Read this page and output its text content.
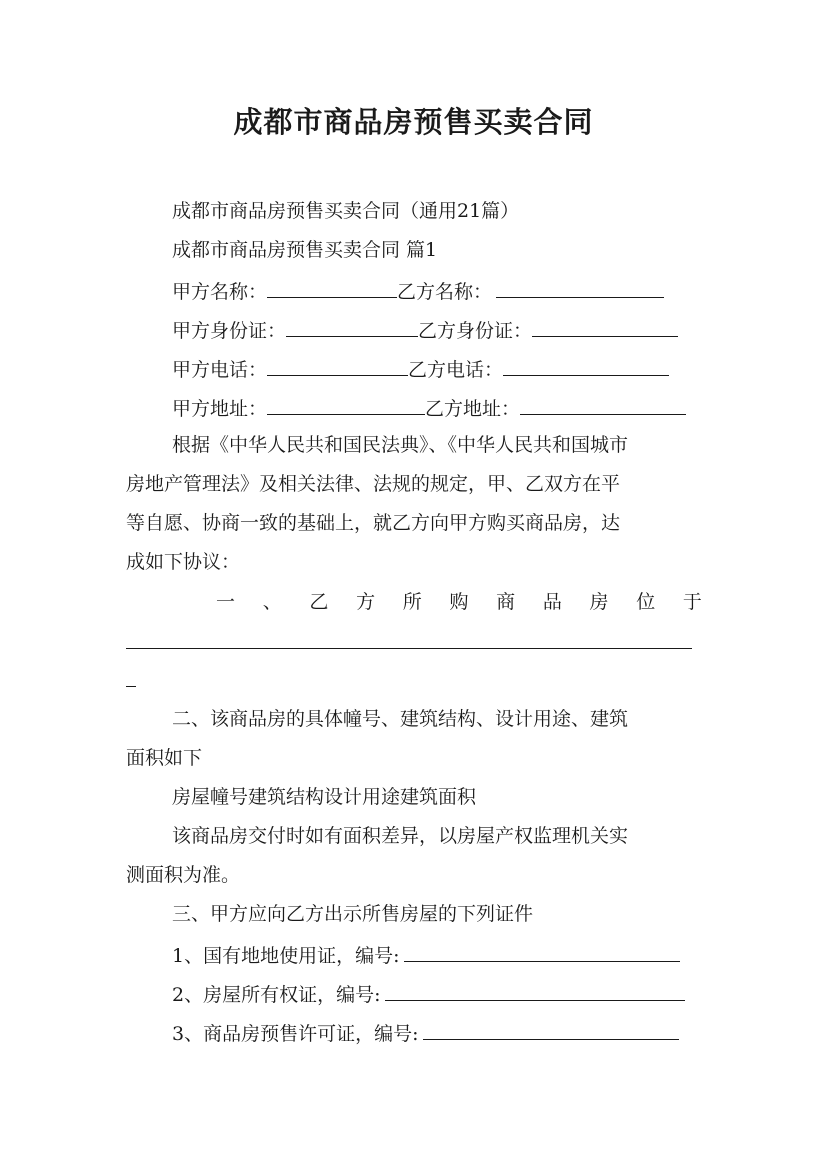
成都市商品房预售买卖合同
成都市商品房预售买卖合同（通用21篇）
成都市商品房预售买卖合同 篇1
甲方名称：	乙方名称：
甲方身份证：	乙方身份证：
甲方电话：	乙方电话：
甲方地址：	乙方地址：
根据《中华人民共和国民法典》、《中华人民共和国城市
房地产管理法》及相关法律、法规的规定，甲、乙双方在平
等自愿、协商一致的基础上，就乙方向甲方购买商品房，达
成如下协议：
一 、 乙 方 所 购 商 品 房 位 于
二、该商品房的具体幢号、建筑结构、设计用途、建筑
面积如下
房屋幢号建筑结构设计用途建筑面积
该商品房交付时如有面积差异，以房屋产权监理机关实
测面积为准。
三、甲方应向乙方出示所售房屋的下列证件
1、国有地地使用证，编号:
2、房屋所有权证，编号:
3、商品房预售许可证，编号:
